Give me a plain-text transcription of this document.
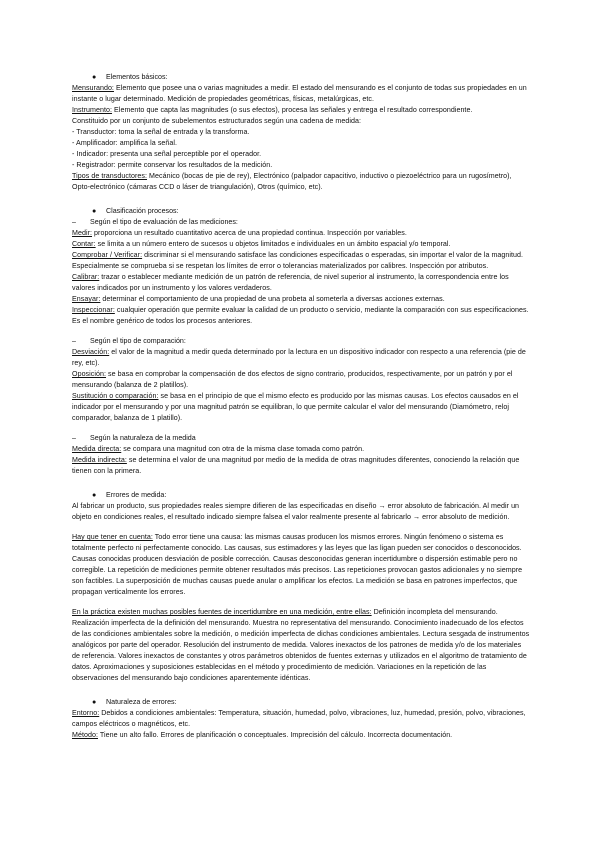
● Elementos básicos:

Mensurando: Elemento que posee una o varias magnitudes a medir. El estado del mensurando es el conjunto de todas sus propiedades en un instante o lugar determinado. Medición de propiedades geométricas, físicas, metalúrgicas, etc.

Instrumento: Elemento que capta las magnitudes (o sus efectos), procesa las señales y entrega el resultado correspondiente.

Constituido por un conjunto de subelementos estructurados según una cadena de medida:

- Transductor: toma la señal de entrada y la transforma.

- Amplificador: amplifica la señal.

- Indicador: presenta una señal perceptible por el operador.

- Registrador: permite conservar los resultados de la medición.

Tipos de transductores: Mecánico (bocas de pie de rey), Electrónico (palpador capacitivo, inductivo o piezoeléctrico para un rugosímetro), Opto-electrónico (cámaras CCD o láser de triangulación), Otros (químico, etc).

● Clasificación procesos:

– Según el tipo de evaluación de las mediciones:

Medir: proporciona un resultado cuantitativo acerca de una propiedad continua. Inspección por variables.

Contar: se limita a un número entero de sucesos u objetos limitados e individuales en un ámbito espacial y/o temporal.

Comprobar / Verificar: discriminar si el mensurando satisface las condiciones especificadas o esperadas, sin importar el valor de la magnitud. Especialmente se comprueba si se respetan los límites de error o tolerancias materializados por calibres. Inspección por atributos.

Calibrar: trazar o establecer mediante medición de un patrón de referencia, de nivel superior al instrumento, la correspondencia entre los valores indicados por un instrumento y los valores verdaderos.

Ensayar: determinar el comportamiento de una propiedad de una probeta al someterla a diversas acciones externas.

Inspeccionar: cualquier operación que permite evaluar la calidad de un producto o servicio, mediante la comparación con sus especificaciones. Es el nombre genérico de todos los procesos anteriores.

– Según el tipo de comparación:

Desviación: el valor de la magnitud a medir queda determinado por la lectura en un dispositivo indicador con respecto a una referencia (pie de rey, etc).

Oposición: se basa en comprobar la compensación de dos efectos de signo contrario, producidos, respectivamente, por un patrón y por el mensurando (balanza de 2 platillos).

Sustitución o comparación: se basa en el principio de que el mismo efecto es producido por las mismas causas. Los efectos causados en el indicador por el mensurando y por una magnitud patrón se equilibran, lo que permite calcular el valor del mensurando (Diamómetro, reloj comparador, balanza de 1 platillo).

– Según la naturaleza de la medida

Medida directa: se compara una magnitud con otra de la misma clase tomada como patrón.

Medida indirecta: se determina el valor de una magnitud por medio de la medida de otras magnitudes diferentes, conociendo la relación que tienen con la primera.

● Errores de medida:

Al fabricar un producto, sus propiedades reales siempre difieren de las especificadas en diseño → error absoluto de fabricación. Al medir un objeto en condiciones reales, el resultado indicado siempre falsea el valor realmente presente al fabricarlo → error absoluto de medición.

Hay que tener en cuenta: Todo error tiene una causa: las mismas causas producen los mismos errores. Ningún fenómeno o sistema es totalmente perfecto ni perfectamente conocido. Las causas, sus estimadores y las leyes que las ligan pueden ser conocidos o desconocidos. Causas conocidas producen desviación de posible corrección. Causas desconocidas generan incertidumbre o dispersión estimable pero no corregible. La repetición de mediciones permite obtener resultados más precisos. Las repeticiones provocan gastos adicionales y no siempre son factibles. La superposición de muchas causas puede anular o amplificar los efectos. La medición se basa en patrones imperfectos, que propagan verticalmente los errores.

En la práctica existen muchas posibles fuentes de incertidumbre en una medición, entre ellas: Definición incompleta del mensurando. Realización imperfecta de la definición del mensurando. Muestra no representativa del mensurando. Conocimiento inadecuado de los efectos de las condiciones ambientales sobre la medición, o medición imperfecta de dichas condiciones ambientales. Lectura sesgada de instrumentos analógicos por parte del operador. Resolución del instrumento de medida. Valores inexactos de los patrones de medida y/o de los materiales de referencia. Valores inexactos de constantes y otros parámetros obtenidos de fuentes externas y utilizados en el algoritmo de tratamiento de datos. Aproximaciones y suposiciones establecidas en el método y procedimiento de medición. Variaciones en la repetición de las observaciones del mensurando bajo condiciones aparentemente idénticas.

● Naturaleza de errores:

Entorno: Debidos a condiciones ambientales: Temperatura, situación, humedad, polvo, vibraciones, luz, humedad, presión, polvo, vibraciones, campos eléctricos o magnéticos, etc.

Método: Tiene un alto fallo. Errores de planificación o conceptuales. Imprecisión del cálculo. Incorrecta documentación.
